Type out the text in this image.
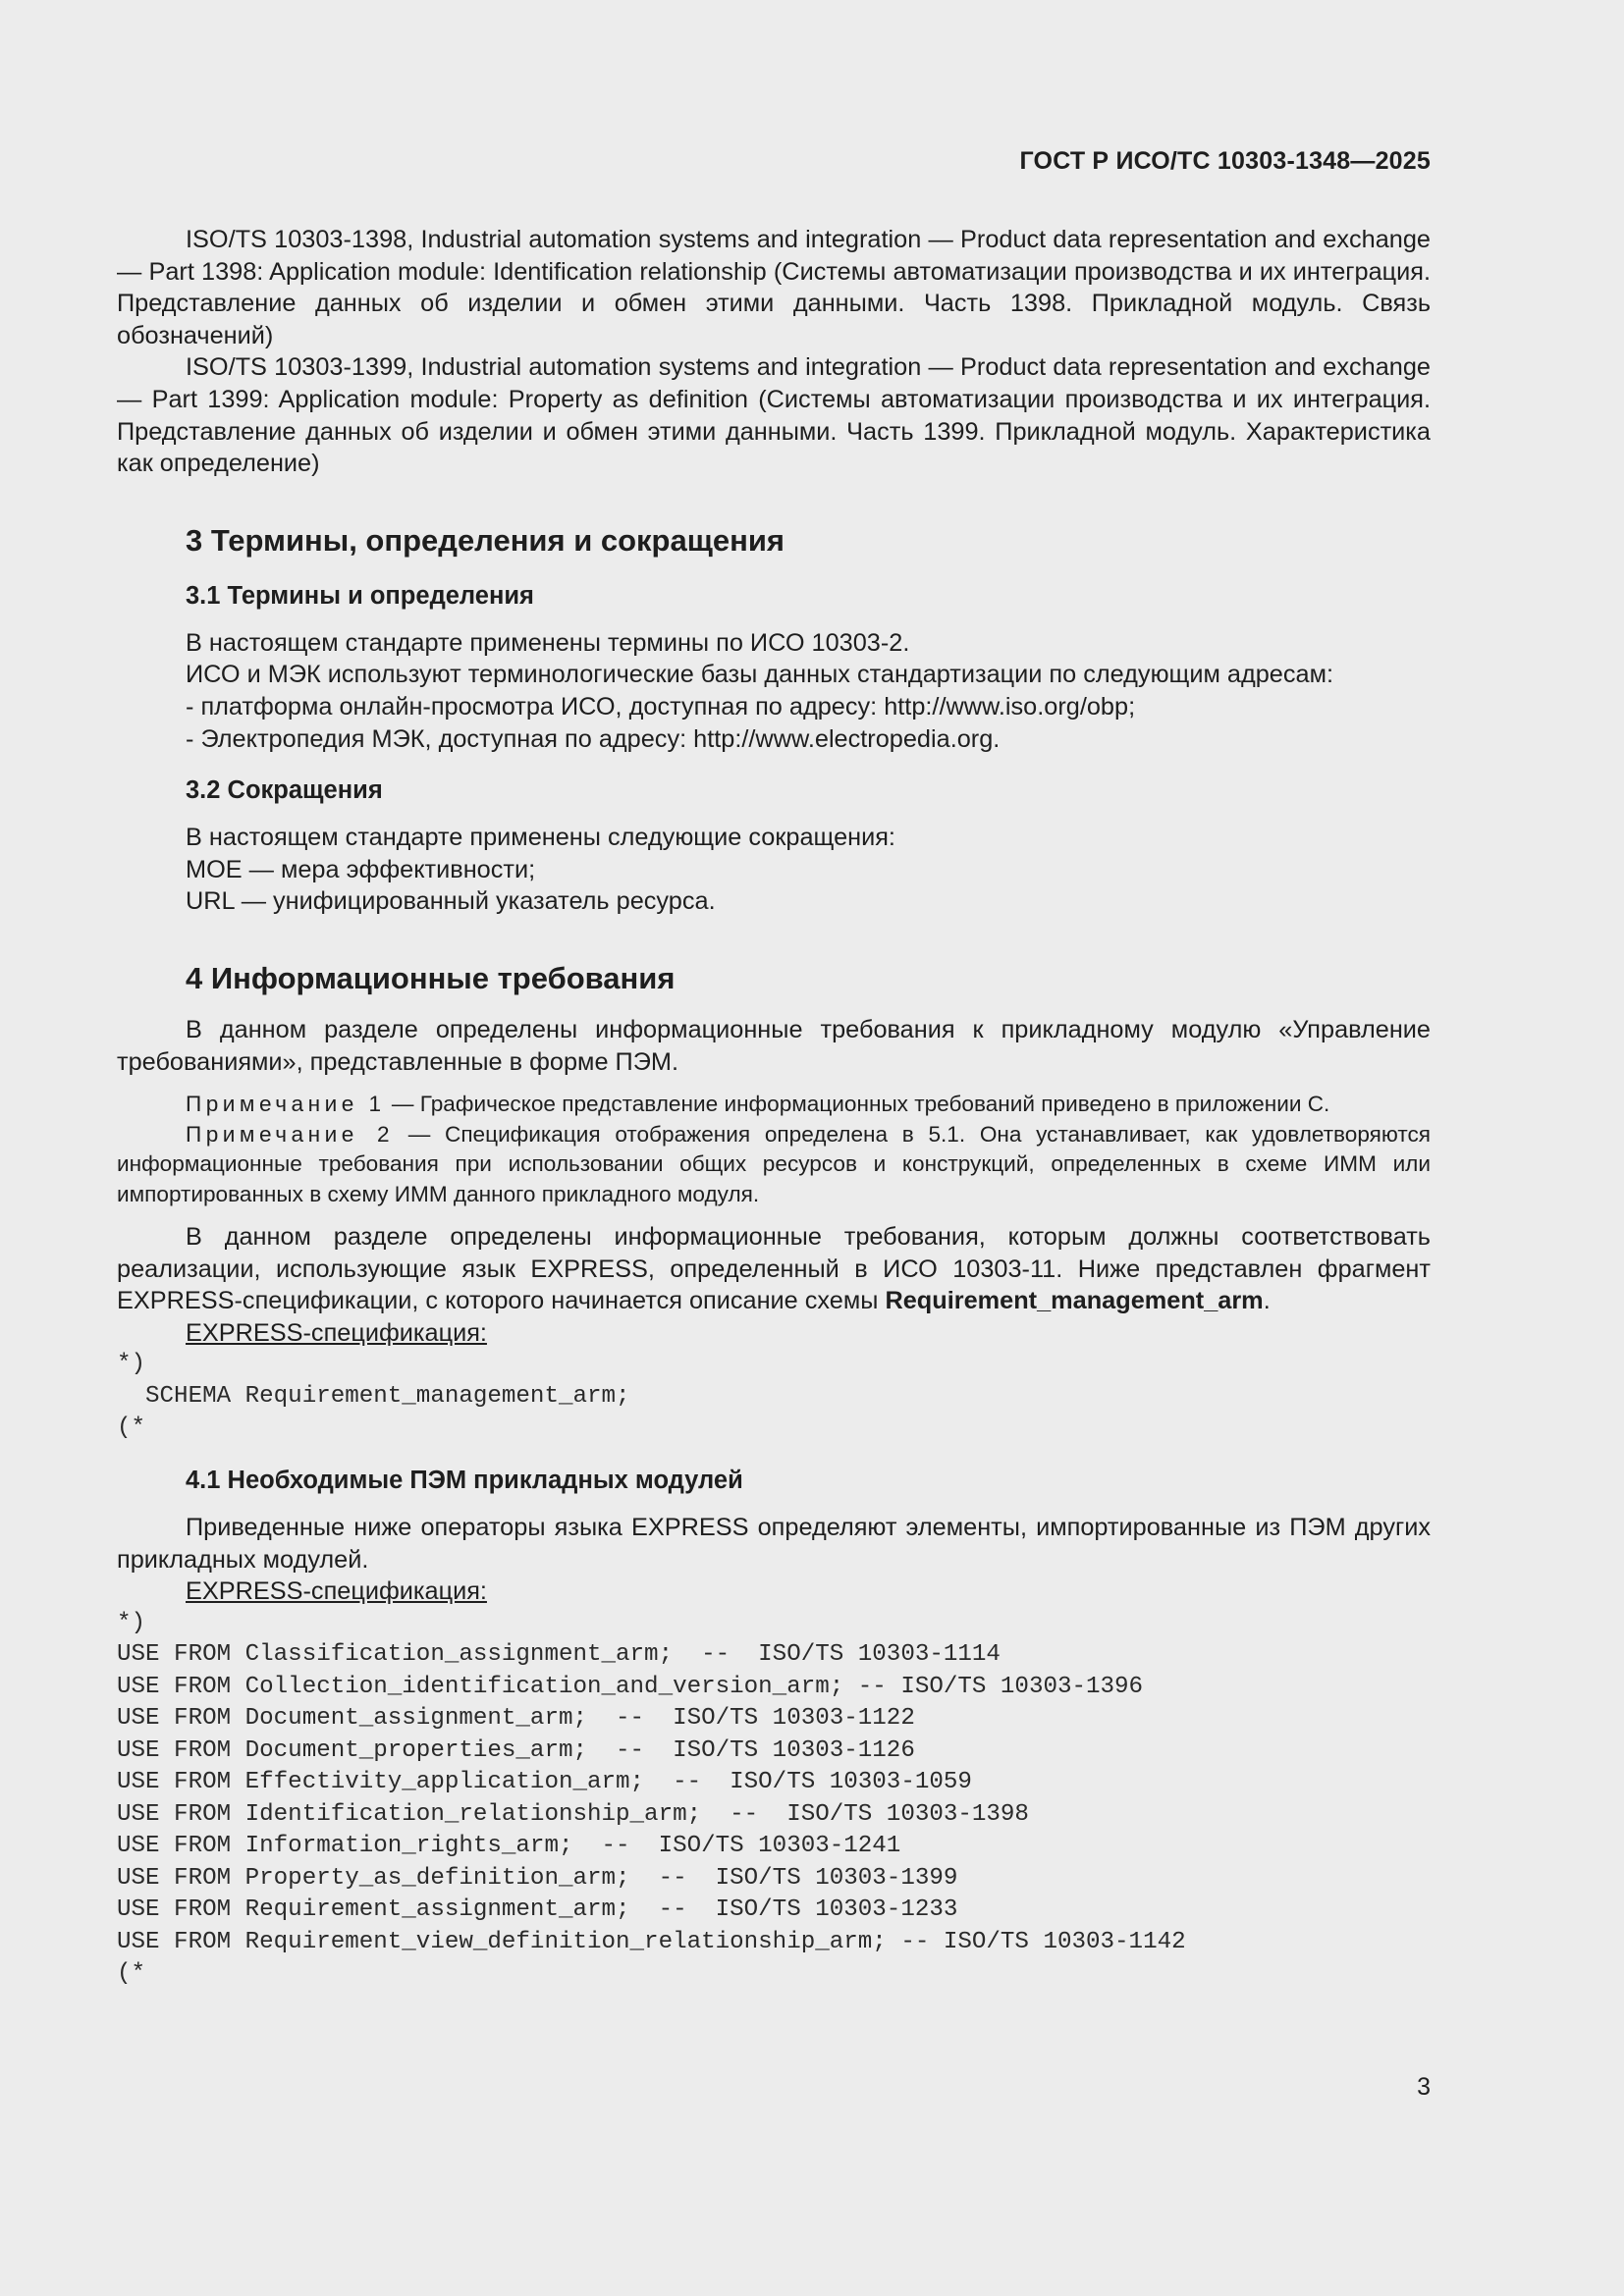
ГОСТ Р ИСО/ТС 10303-1348—2025

ISO/TS 10303-1398, Industrial automation systems and integration — Product data representation and exchange — Part 1398: Application module: Identification relationship (Системы автоматизации производства и их интеграция. Представление данных об изделии и обмен этими данными. Часть 1398. Прикладной модуль. Связь обозначений)

ISO/TS 10303-1399, Industrial automation systems and integration — Product data representation and exchange — Part 1399: Application module: Property as definition (Системы автоматизации производства и их интеграция. Представление данных об изделии и обмен этими данными. Часть 1399. Прикладной модуль. Характеристика как определение)

3 Термины, определения и сокращения
3.1 Термины и определения

В настоящем стандарте применены термины по ИСО 10303-2.

ИСО и МЭК используют терминологические базы данных стандартизации по следующим адресам:

- платформа онлайн-просмотра ИСО, доступная по адресу: http://www.iso.org/obp;

- Электропедия МЭК, доступная по адресу: http://www.electropedia.org.

3.2 Сокращения

В настоящем стандарте применены следующие сокращения:

MOE — мера эффективности;

URL — унифицированный указатель ресурса.

4 Информационные требования

В данном разделе определены информационные требования к прикладному модулю «Управление требованиями», представленные в форме ПЭМ.

Примечание 1 — Графическое представление информационных требований приведено в приложении С.

Примечание 2 — Спецификация отображения определена в 5.1. Она устанавливает, как удовлетворяются информационные требования при использовании общих ресурсов и конструкций, определенных в схеме ИММ или импортированных в схему ИММ данного прикладного модуля.

В данном разделе определены информационные требования, которым должны соответствовать реализации, использующие язык EXPRESS, определенный в ИСО 10303-11. Ниже представлен фрагмент EXPRESS-спецификации, с которого начинается описание схемы Requirement_management_arm.

EXPRESS-спецификация:

*)
SCHEMA Requirement_management_arm;
(*
4.1 Необходимые ПЭМ прикладных модулей

Приведенные ниже операторы языка EXPRESS определяют элементы, импортированные из ПЭМ других прикладных модулей.

EXPRESS-спецификация:

*)
USE FROM Classification_assignment_arm;  --  ISO/TS 10303-1114
USE FROM Collection_identification_and_version_arm; -- ISO/TS 10303-1396
USE FROM Document_assignment_arm;  --  ISO/TS 10303-1122
USE FROM Document_properties_arm;  --  ISO/TS 10303-1126
USE FROM Effectivity_application_arm;  --  ISO/TS 10303-1059
USE FROM Identification_relationship_arm;  --  ISO/TS 10303-1398
USE FROM Information_rights_arm;  --  ISO/TS 10303-1241
USE FROM Property_as_definition_arm;  --  ISO/TS 10303-1399
USE FROM Requirement_assignment_arm;  --  ISO/TS 10303-1233
USE FROM Requirement_view_definition_relationship_arm; -- ISO/TS 10303-1142
(*
3
